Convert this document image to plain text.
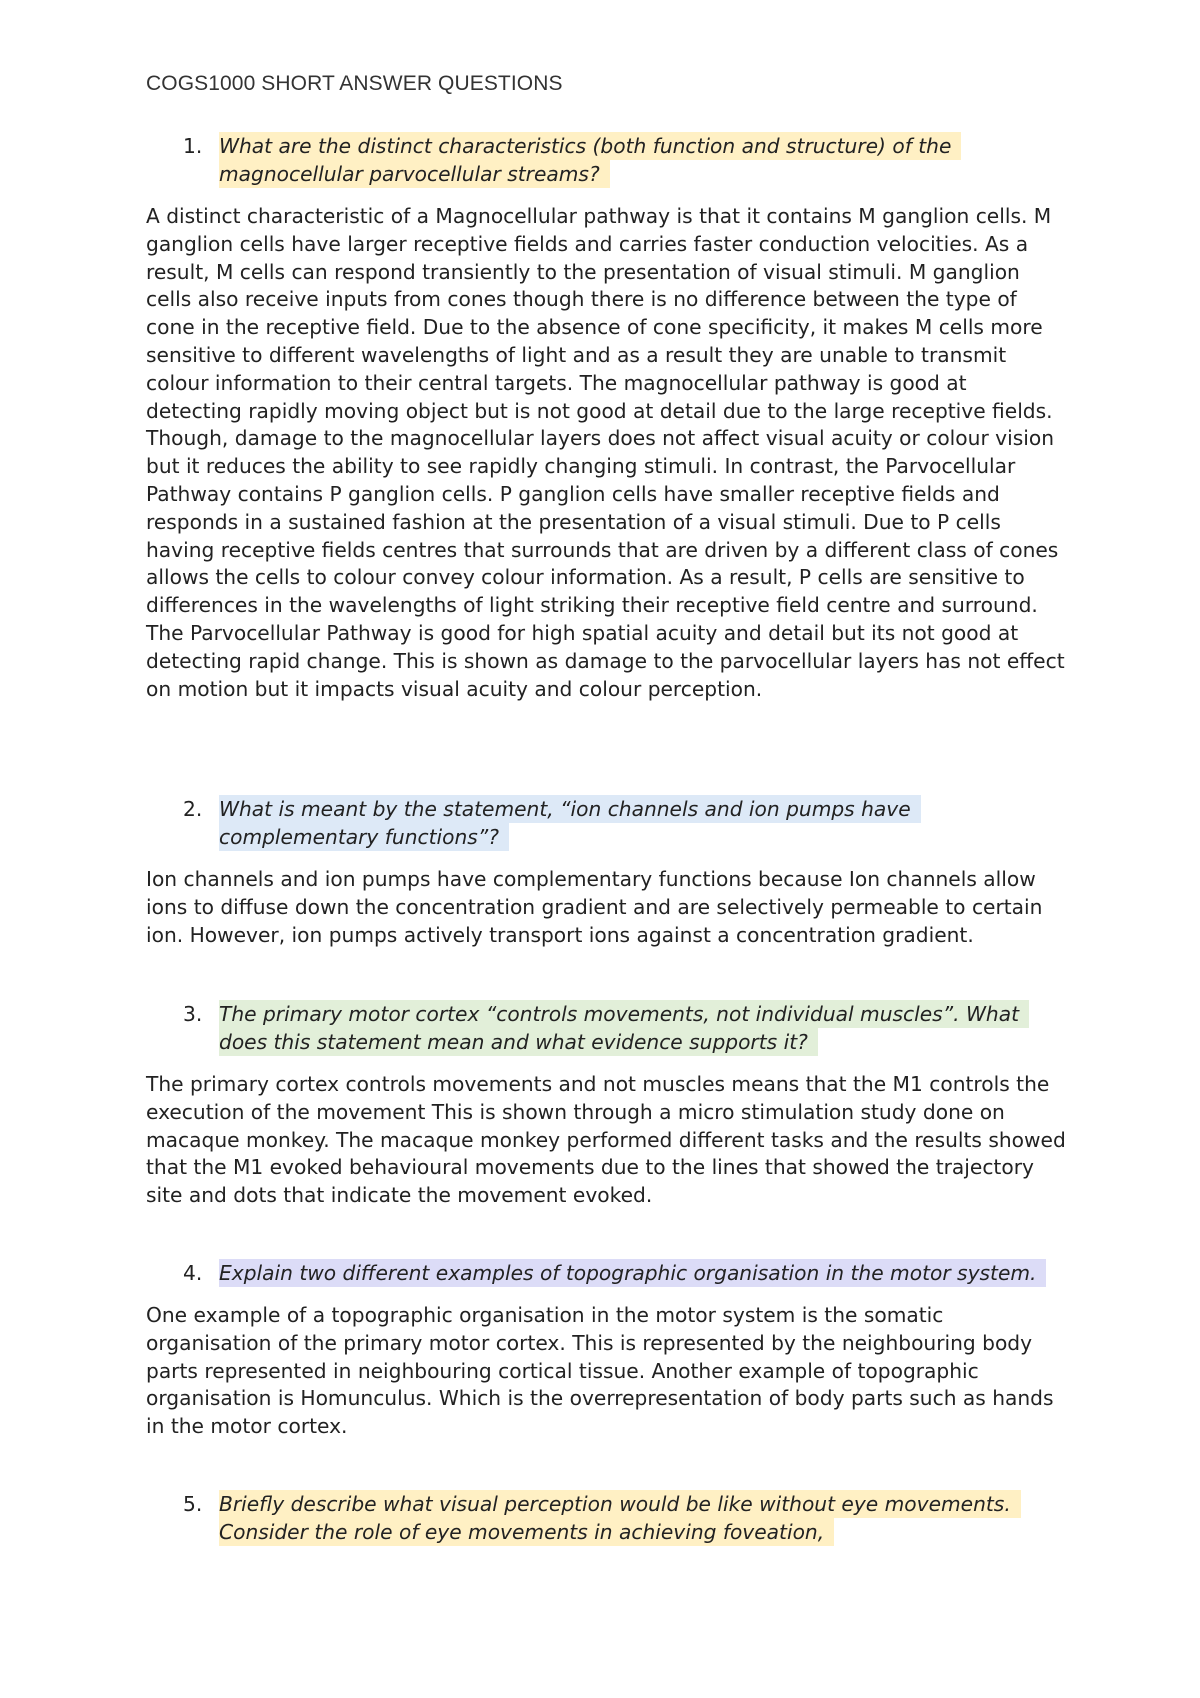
COGS1000 SHORT ANSWER QUESTIONS
1. What are the distinct characteristics (both function and structure) of the magnocellular parvocellular streams?
A distinct characteristic of a Magnocellular pathway is that it contains M ganglion cells. M ganglion cells have larger receptive fields and carries faster conduction velocities. As a result, M cells can respond transiently to the presentation of visual stimuli. M ganglion cells also receive inputs from cones though there is no difference between the type of cone in the receptive field. Due to the absence of cone specificity, it makes M cells more sensitive to different wavelengths of light and as a result they are unable to transmit colour information to their central targets. The magnocellular pathway is good at detecting rapidly moving object but is not good at detail due to the large receptive fields. Though, damage to the magnocellular layers does not affect visual acuity or colour vision but it reduces the ability to see rapidly changing stimuli. In contrast, the Parvocellular Pathway contains P ganglion cells. P ganglion cells have smaller receptive fields and responds in a sustained fashion at the presentation of a visual stimuli. Due to P cells having receptive fields centres that surrounds that are driven by a different class of cones allows the cells to colour convey colour information. As a result, P cells are sensitive to differences in the wavelengths of light striking their receptive field centre and surround. The Parvocellular Pathway is good for high spatial acuity and detail but its not good at detecting rapid change. This is shown as damage to the parvocellular layers has not effect on motion but it impacts visual acuity and colour perception.
2. What is meant by the statement, “ion channels and ion pumps have complementary functions”?
Ion channels and ion pumps have complementary functions because Ion channels allow ions to diffuse down the concentration gradient and are selectively permeable to certain ion. However, ion pumps actively transport ions against a concentration gradient.
3. The primary motor cortex “controls movements, not individual muscles”. What does this statement mean and what evidence supports it?
The primary cortex controls movements and not muscles means that the M1 controls the execution of the movement This is shown through a micro stimulation study done on macaque monkey. The macaque monkey performed different tasks and the results showed that the M1 evoked behavioural movements due to the lines that showed the trajectory site and dots that indicate the movement evoked.
4. Explain two different examples of topographic organisation in the motor system.
One example of a topographic organisation in the motor system is the somatic organisation of the primary motor cortex. This is represented by the neighbouring body parts represented in neighbouring cortical tissue. Another example of topographic organisation is Homunculus. Which is the overrepresentation of body parts such as hands in the motor cortex.
5. Briefly describe what visual perception would be like without eye movements. Consider the role of eye movements in achieving foveation,
